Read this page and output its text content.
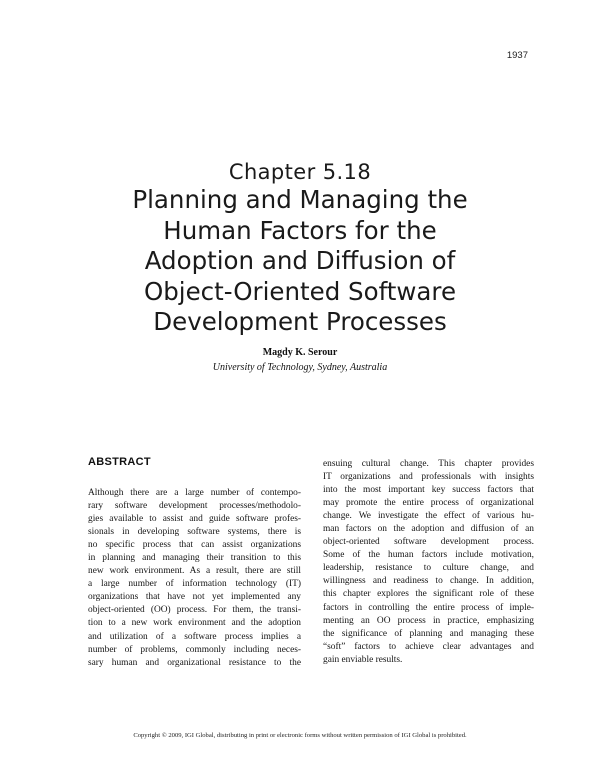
1937
Chapter 5.18
Planning and Managing the
Human Factors for the
Adoption and Diffusion of
Object-Oriented Software
Development Processes
Magdy K. Serour
University of Technology, Sydney, Australia
ABSTRACT
Although there are a large number of contempo-
rary software development processes/methodolo-
gies available to assist and guide software profes-
sionals in developing software systems, there is
no specific process that can assist organizations
in planning and managing their transition to this
new work environment. As a result, there are still
a large number of information technology (IT)
organizations that have not yet implemented any
object-oriented (OO) process. For them, the transi-
tion to a new work environment and the adoption
and utilization of a software process implies a
number of problems, commonly including neces-
sary human and organizational resistance to the
ensuing cultural change. This chapter provides
IT organizations and professionals with insights
into the most important key success factors that
may promote the entire process of organizational
change. We investigate the effect of various hu-
man factors on the adoption and diffusion of an
object-oriented software development process.
Some of the human factors include motivation,
leadership, resistance to culture change, and
willingness and readiness to change. In addition,
this chapter explores the significant role of these
factors in controlling the entire process of imple-
menting an OO process in practice, emphasizing
the significance of planning and managing these
“soft” factors to achieve clear advantages and
gain enviable results.
Copyright © 2009, IGI Global, distributing in print or electronic forms without written permission of IGI Global is prohibited.
